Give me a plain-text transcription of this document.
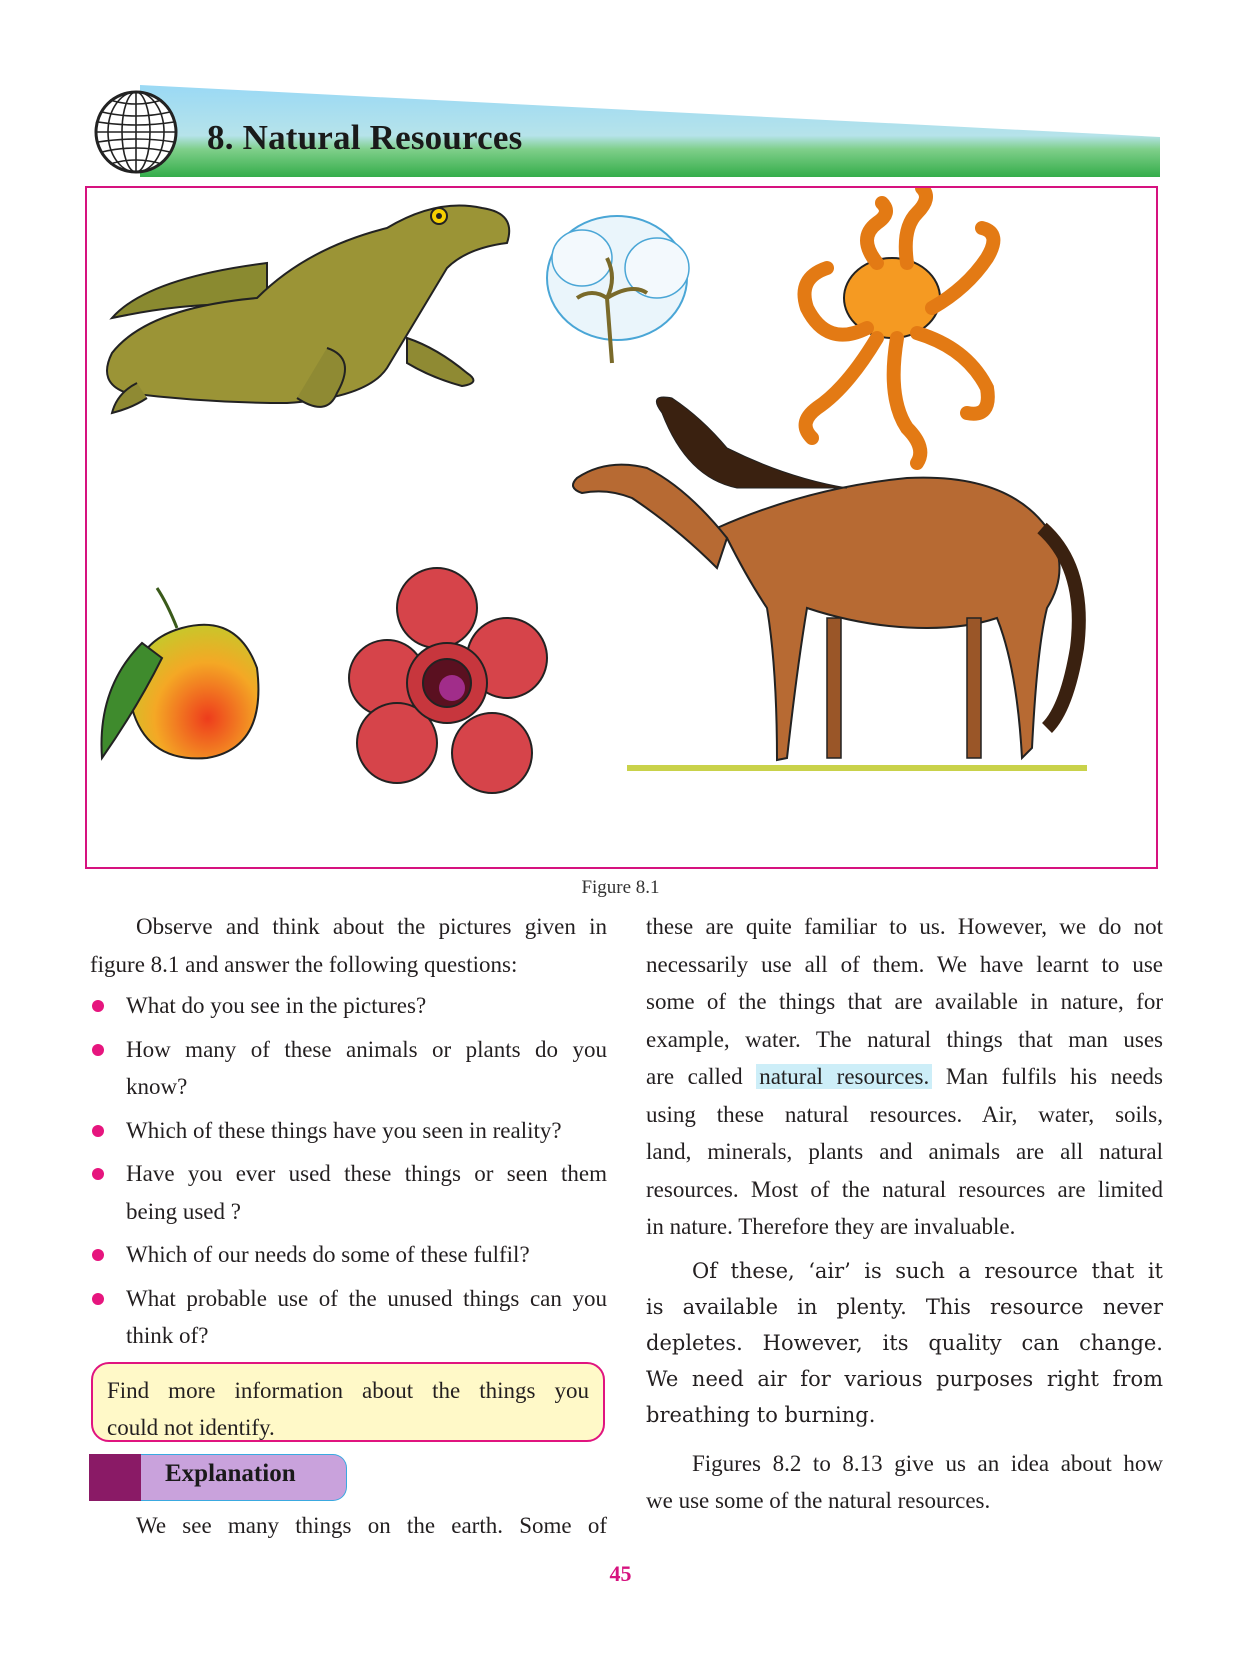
8. Natural Resources
Figure 8.1
Observe and think about the pictures given in
figure 8.1 and answer the following questions:
What do you see in the pictures?
How many of these animals or plants do you
know?
Which of these things have you seen in reality?
Have you ever used these things or seen them
being used ?
Which of our needs do some of these fulfil?
What probable use of the unused things can you
think of?
Find more information about the things you
could not identify.
Explanation
We see many things on the earth. Some of
these are quite familiar to us. However, we do not
necessarily use all of them. We have learnt to use
some of the things that are available in nature, for
example, water. The natural things that man uses
are called natural resources. Man fulfils his needs
using these natural resources. Air, water, soils,
land, minerals, plants and animals are all natural
resources. Most of the natural resources are limited
in nature. Therefore they are invaluable.
Of these, ‘air’ is such a resource that it
is available in plenty. This resource never
depletes. However, its quality can change.
We need air for various purposes right from
breathing to burning.
Figures 8.2 to 8.13 give us an idea about how
we use some of the natural resources.
45
